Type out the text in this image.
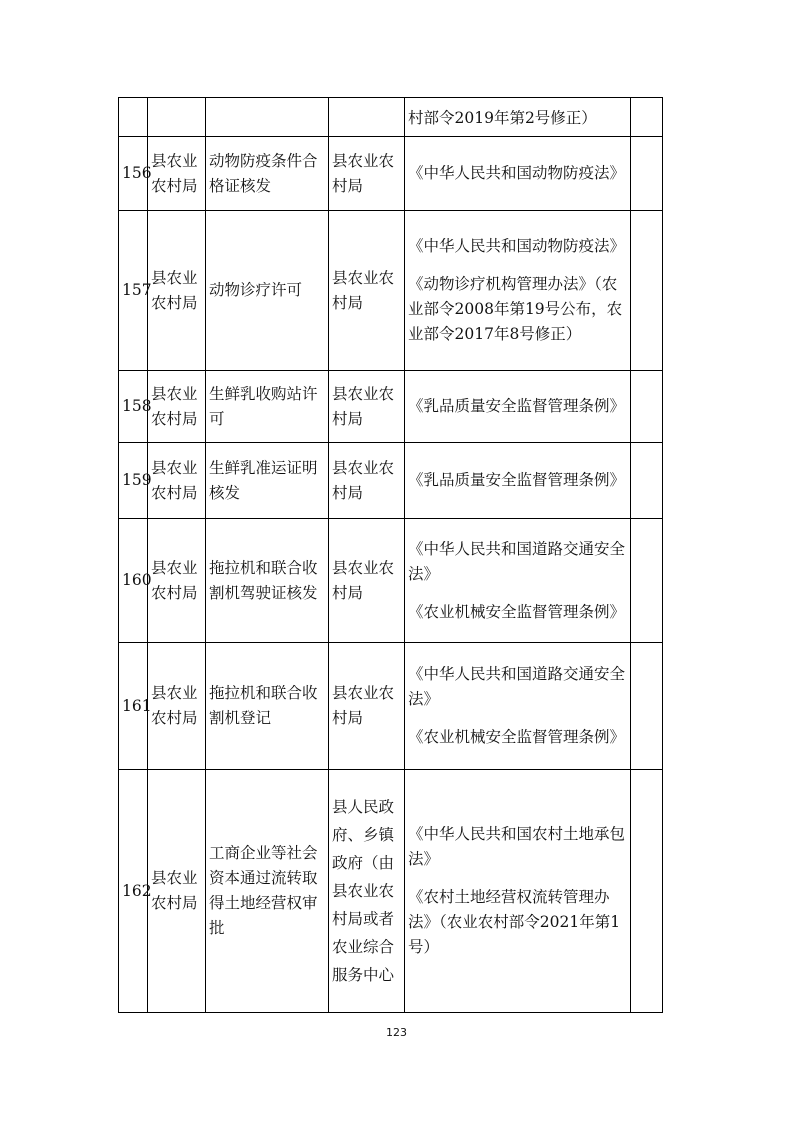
				村部令2019年第2号修正）	

156	县农业农村局	动物防疫条件合格证核发	县农业农村局	《中华人民共和国动物防疫法》	

157	县农业农村局	动物诊疗许可	县农业农村局	《中华人民共和国动物防疫法》

《动物诊疗机构管理办法》（农业部令2008年第19号公布，农业部令2017年8号修正）	

158	县农业农村局	生鲜乳收购站许可	县农业农村局	《乳品质量安全监督管理条例》	

159	县农业农村局	生鲜乳准运证明核发	县农业农村局	《乳品质量安全监督管理条例》	

160	县农业农村局	拖拉机和联合收割机驾驶证核发	县农业农村局	《中华人民共和国道路交通安全法》

《农业机械安全监督管理条例》	

161	县农业农村局	拖拉机和联合收割机登记	县农业农村局	《中华人民共和国道路交通安全法》

《农业机械安全监督管理条例》	

162	县农业农村局	工商企业等社会资本通过流转取得土地经营权审批	县人民政府、乡镇政府（由县农业农村局或者农业综合服务中心	《中华人民共和国农村土地承包法》

《农村土地经营权流转管理办法》（农业农村部令2021年第1号）	

123
